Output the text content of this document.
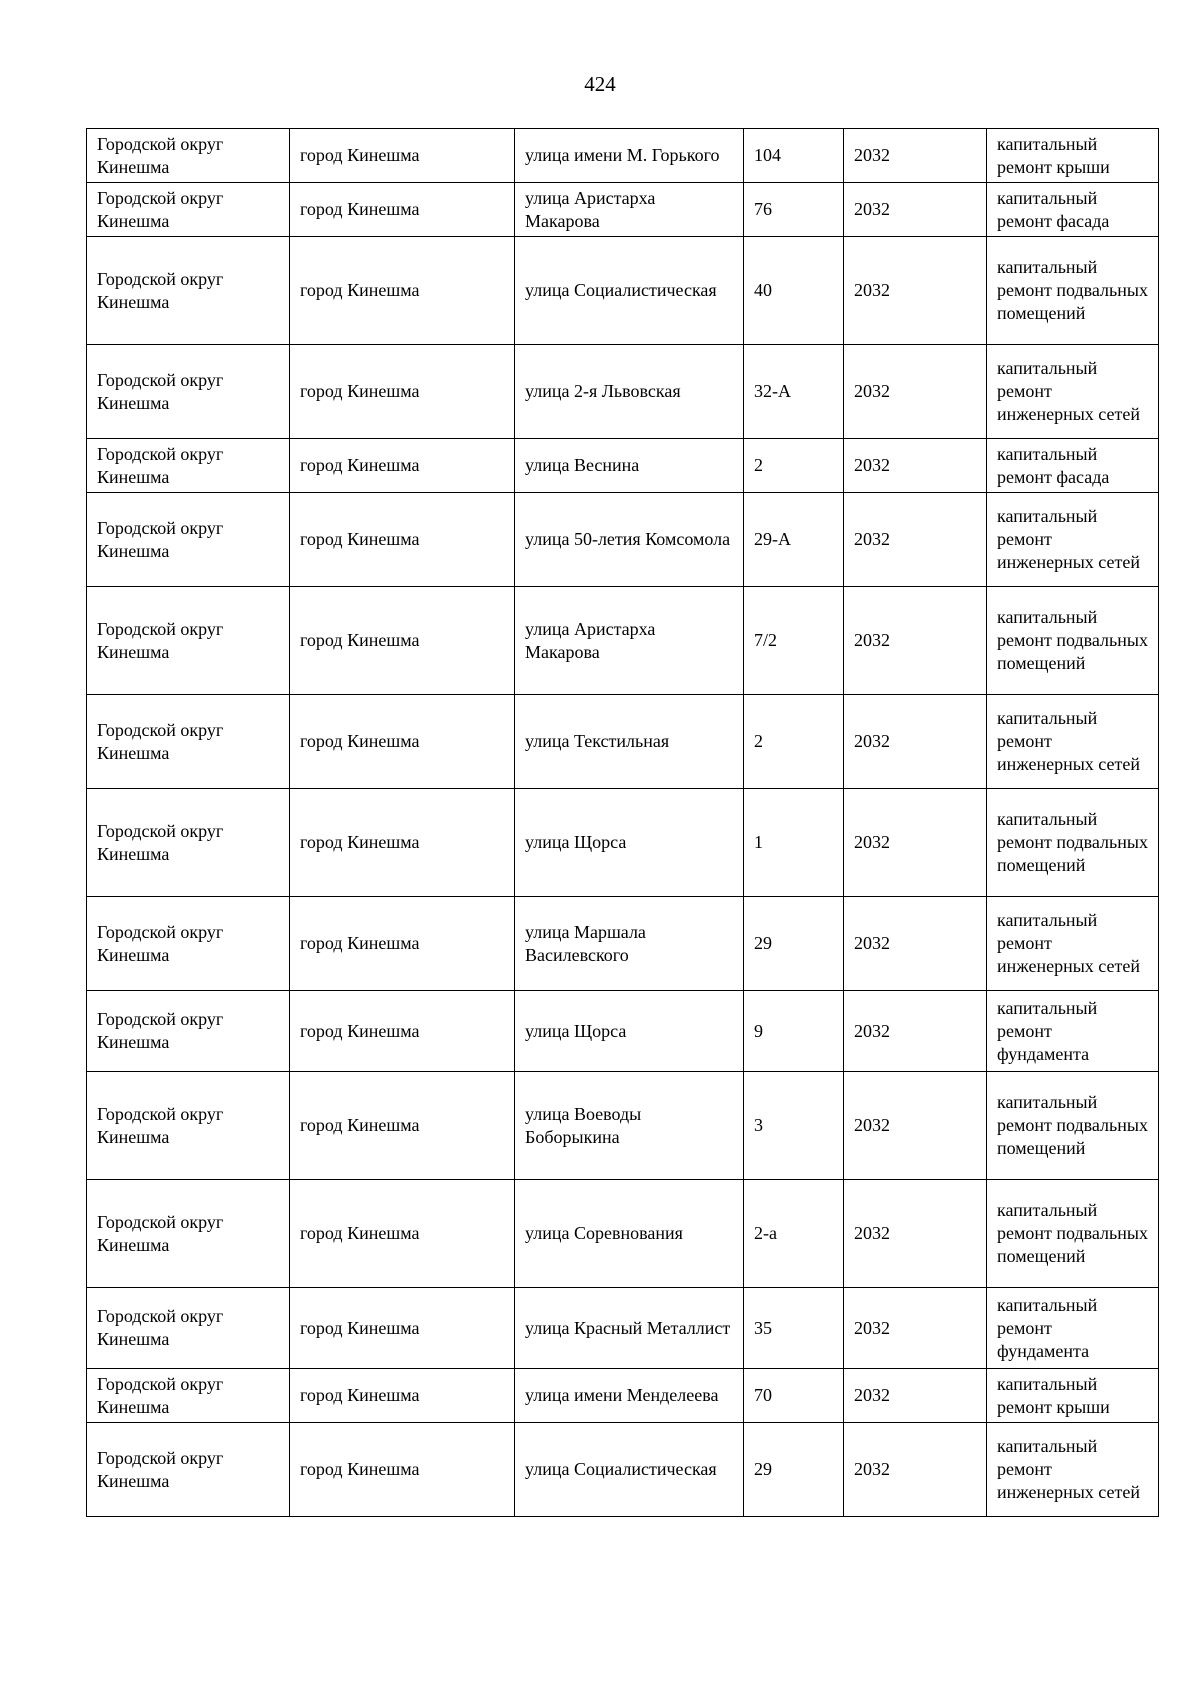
424
Городской округ Кинешма	город Кинешма	улица имени М. Горького	104	2032	капитальный ремонт крыши
Городской округ Кинешма	город Кинешма	улица Аристарха Макарова	76	2032	капитальный ремонт фасада
Городской округ Кинешма	город Кинешма	улица Социалистическая	40	2032	капитальный ремонт подвальных помещений
Городской округ Кинешма	город Кинешма	улица 2-я Львовская	32-А	2032	капитальный ремонт инженерных сетей
Городской округ Кинешма	город Кинешма	улица Веснина	2	2032	капитальный ремонт фасада
Городской округ Кинешма	город Кинешма	улица 50-летия Комсомола	29-А	2032	капитальный ремонт инженерных сетей
Городской округ Кинешма	город Кинешма	улица Аристарха Макарова	7/2	2032	капитальный ремонт подвальных помещений
Городской округ Кинешма	город Кинешма	улица Текстильная	2	2032	капитальный ремонт инженерных сетей
Городской округ Кинешма	город Кинешма	улица Щорса	1	2032	капитальный ремонт подвальных помещений
Городской округ Кинешма	город Кинешма	улица Маршала Василевского	29	2032	капитальный ремонт инженерных сетей
Городской округ Кинешма	город Кинешма	улица Щорса	9	2032	капитальный ремонт фундамента
Городской округ Кинешма	город Кинешма	улица Воеводы Боборыкина	3	2032	капитальный ремонт подвальных помещений
Городской округ Кинешма	город Кинешма	улица Соревнования	2-а	2032	капитальный ремонт подвальных помещений
Городской округ Кинешма	город Кинешма	улица Красный Металлист	35	2032	капитальный ремонт фундамента
Городской округ Кинешма	город Кинешма	улица имени Менделеева	70	2032	капитальный ремонт крыши
Городской округ Кинешма	город Кинешма	улица Социалистическая	29	2032	капитальный ремонт инженерных сетей
